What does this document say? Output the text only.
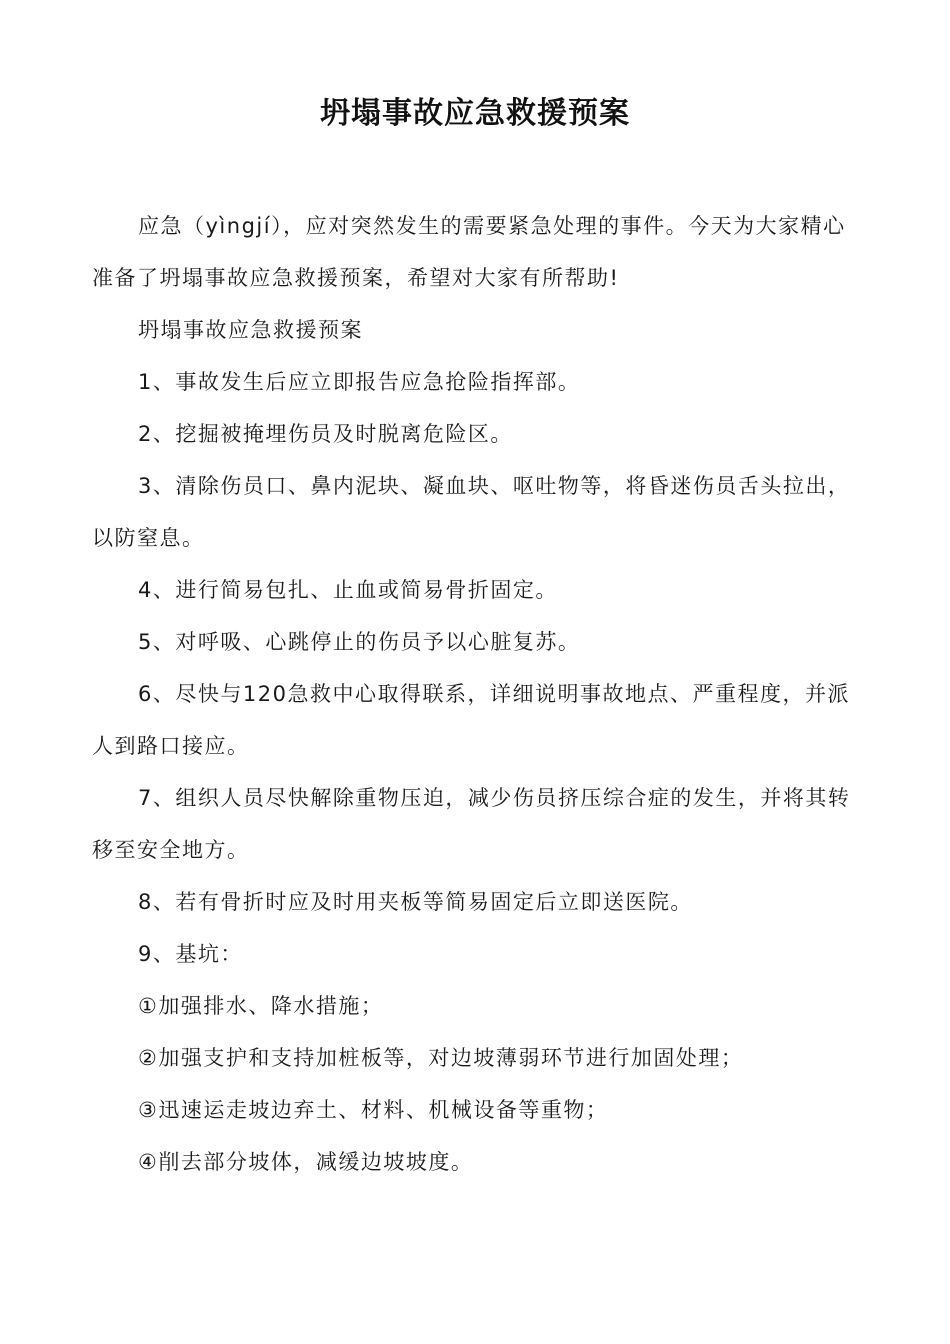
坍塌事故应急救援预案

应急（yìngjí），应对突然发生的需要紧急处理的事件。今天为大家精心准备了坍塌事故应急救援预案，希望对大家有所帮助!

坍塌事故应急救援预案

1、事故发生后应立即报告应急抢险指挥部。

2、挖掘被掩埋伤员及时脱离危险区。

3、清除伤员口、鼻内泥块、凝血块、呕吐物等，将昏迷伤员舌头拉出，以防窒息。

4、进行简易包扎、止血或简易骨折固定。

5、对呼吸、心跳停止的伤员予以心脏复苏。

6、尽快与120急救中心取得联系，详细说明事故地点、严重程度，并派人到路口接应。

7、组织人员尽快解除重物压迫，减少伤员挤压综合症的发生，并将其转移至安全地方。

8、若有骨折时应及时用夹板等简易固定后立即送医院。

9、基坑：

①加强排水、降水措施；

②加强支护和支持加桩板等，对边坡薄弱环节进行加固处理；

③迅速运走坡边弃土、材料、机械设备等重物；

④削去部分坡体，减缓边坡坡度。
